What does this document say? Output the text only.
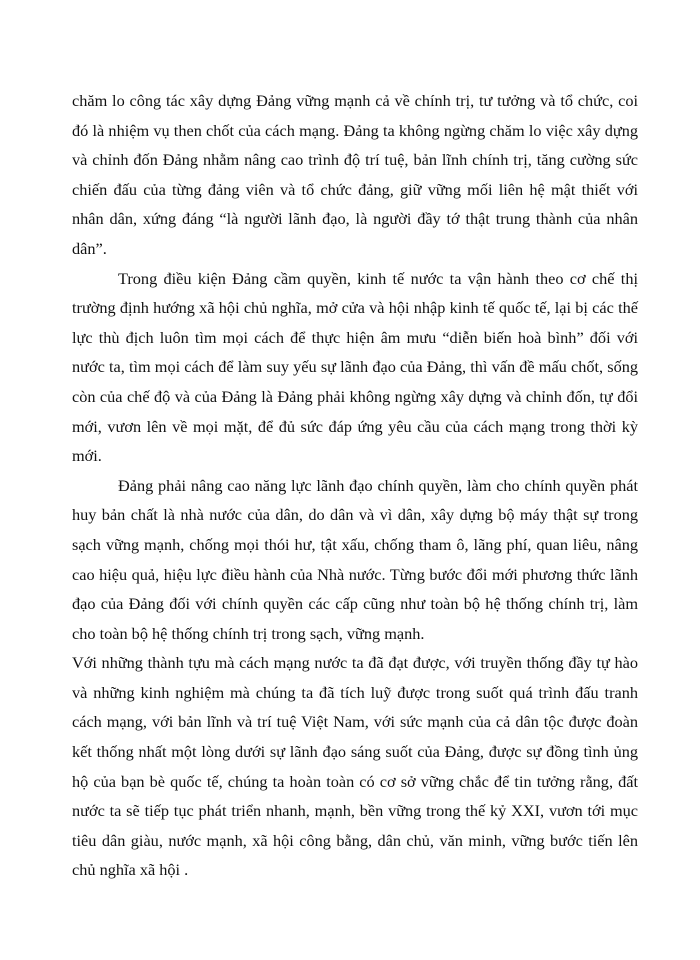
chăm lo công tác xây dựng Đảng vững mạnh cả về chính trị, tư tưởng và tổ chức, coi
đó là nhiệm vụ then chốt của cách mạng. Đảng ta không ngừng chăm lo việc xây dựng
và chỉnh đốn Đảng nhằm nâng cao trình độ trí tuệ, bản lĩnh chính trị, tăng cường sức
chiến đấu của từng đảng viên và tổ chức đảng, giữ vững mối liên hệ mật thiết với
nhân dân, xứng đáng “là người lãnh đạo, là người đầy tớ thật trung thành của nhân
dân”.
Trong điều kiện Đảng cầm quyền, kinh tế nước ta vận hành theo cơ chế thị
trường định hướng xã hội chủ nghĩa, mở cửa và hội nhập kinh tế quốc tế, lại bị các thế
lực thù địch luôn tìm mọi cách để thực hiện âm mưu “diễn biến hoà bình” đối với
nước ta, tìm mọi cách để làm suy yếu sự lãnh đạo của Đảng, thì vấn đề mấu chốt, sống
còn của chế độ và của Đảng là Đảng phải không ngừng xây dựng và chỉnh đốn, tự đổi
mới, vươn lên về mọi mặt, để đủ sức đáp ứng yêu cầu của cách mạng trong thời kỳ
mới.
Đảng phải nâng cao năng lực lãnh đạo chính quyền, làm cho chính quyền phát
huy bản chất là nhà nước của dân, do dân và vì dân, xây dựng bộ máy thật sự trong
sạch vững mạnh, chống mọi thói hư, tật xấu, chống tham ô, lãng phí, quan liêu, nâng
cao hiệu quả, hiệu lực điều hành của Nhà nước. Từng bước đổi mới phương thức lãnh
đạo của Đảng đối với chính quyền các cấp cũng như toàn bộ hệ thống chính trị, làm
cho toàn bộ hệ thống chính trị trong sạch, vững mạnh.
Với những thành tựu mà cách mạng nước ta đã đạt được, với truyền thống đầy tự hào
và những kinh nghiệm mà chúng ta đã tích luỹ được trong suốt quá trình đấu tranh
cách mạng, với bản lĩnh và trí tuệ Việt Nam, với sức mạnh của cả dân tộc được đoàn
kết thống nhất một lòng dưới sự lãnh đạo sáng suốt của Đảng, được sự đồng tình ủng
hộ của bạn bè quốc tế, chúng ta hoàn toàn có cơ sở vững chắc để tin tưởng rằng, đất
nước ta sẽ tiếp tục phát triển nhanh, mạnh, bền vững trong thế kỷ XXI, vươn tới mục
tiêu dân giàu, nước mạnh, xã hội công bằng, dân chủ, văn minh, vững bước tiến lên
chủ nghĩa xã hội .
